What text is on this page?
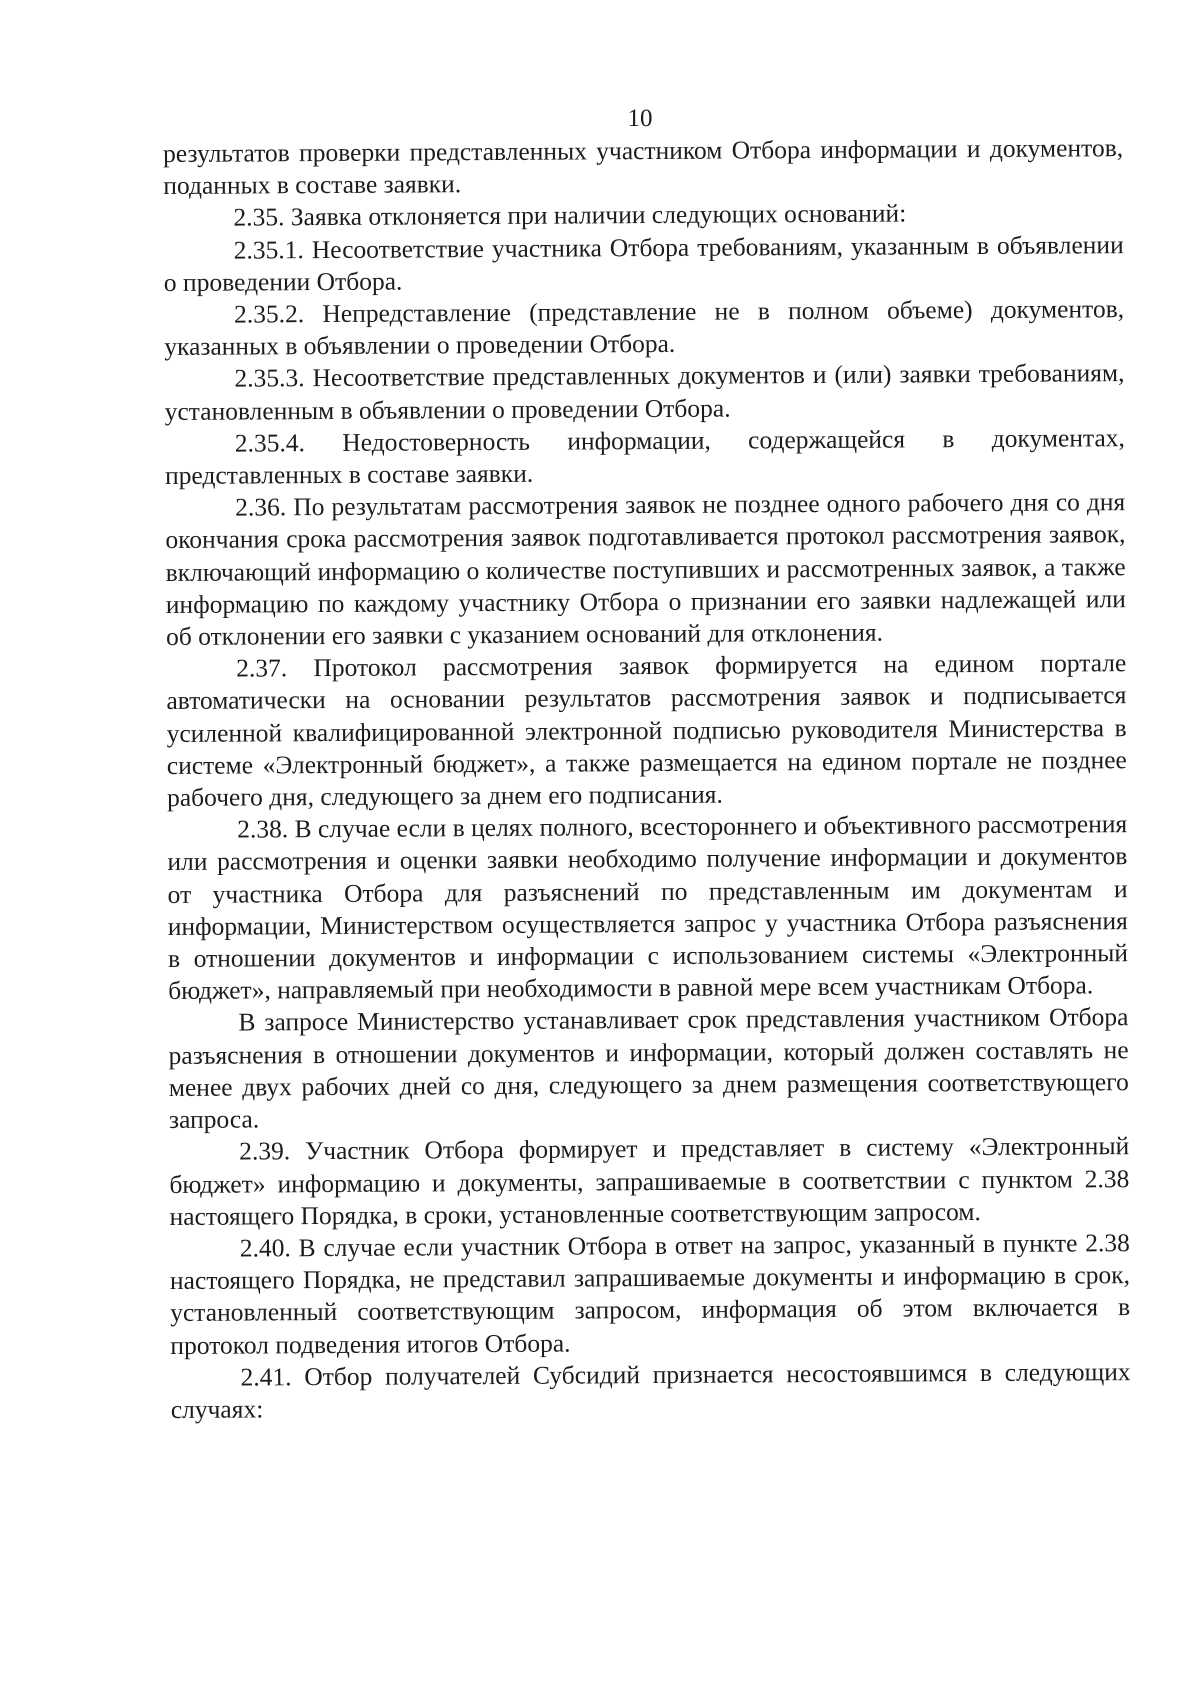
10

результатов проверки представленных участником Отбора информации и документов, поданных в составе заявки.

2.35. Заявка отклоняется при наличии следующих оснований:

2.35.1. Несоответствие участника Отбора требованиям, указанным в объявлении о проведении Отбора.

2.35.2. Непредставление (представление не в полном объеме) документов, указанных в объявлении о проведении Отбора.

2.35.3. Несоответствие представленных документов и (или) заявки требованиям, установленным в объявлении о проведении Отбора.

2.35.4. Недостоверность информации, содержащейся в документах, представленных в составе заявки.

2.36. По результатам рассмотрения заявок не позднее одного рабочего дня со дня окончания срока рассмотрения заявок подготавливается протокол рассмотрения заявок, включающий информацию о количестве поступивших и рассмотренных заявок, а также информацию по каждому участнику Отбора о признании его заявки надлежащей или об отклонении его заявки с указанием оснований для отклонения.

2.37. Протокол рассмотрения заявок формируется на едином портале автоматически на основании результатов рассмотрения заявок и подписывается усиленной квалифицированной электронной подписью руководителя Министерства в системе «Электронный бюджет», а также размещается на едином портале не позднее рабочего дня, следующего за днем его подписания.

2.38. В случае если в целях полного, всестороннего и объективного рассмотрения или рассмотрения и оценки заявки необходимо получение информации и документов от участника Отбора для разъяснений по представленным им документам и информации, Министерством осуществляется запрос у участника Отбора разъяснения в отношении документов и информации с использованием системы «Электронный бюджет», направляемый при необходимости в равной мере всем участникам Отбора.

В запросе Министерство устанавливает срок представления участником Отбора разъяснения в отношении документов и информации, который должен составлять не менее двух рабочих дней со дня, следующего за днем размещения соответствующего запроса.

2.39. Участник Отбора формирует и представляет в систему «Электронный бюджет» информацию и документы, запрашиваемые в соответствии с пунктом 2.38 настоящего Порядка, в сроки, установленные соответствующим запросом.

2.40. В случае если участник Отбора в ответ на запрос, указанный в пункте 2.38 настоящего Порядка, не представил запрашиваемые документы и информацию в срок, установленный соответствующим запросом, информация об этом включается в протокол подведения итогов Отбора.

2.41. Отбор получателей Субсидий признается несостоявшимся в следующих случаях:
